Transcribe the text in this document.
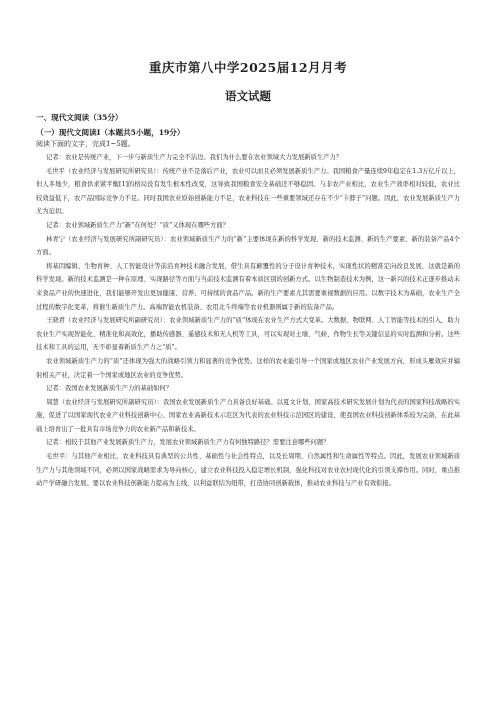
重庆市第八中学2025届12月月考
语文试题
一、现代文阅读（35分）
（一）现代文阅读Ⅰ（本题共5小题，19分）

阅读下面的文字，完成1~5题。

记者：农业是传统产业，下一步与新质生产力完全不沾边。我们为什么要在农业领域大力发展新质生产力？

毛世平（农业经济与发展研究所研究员）：传统产业不是落后产业，农业可以而且必须发展新质生产力。我国粮食产量连续9年稳定在1.3万亿斤以上，但人多地少，粮食供求紧平衡[1]的格局没有发生根本性改变，这导致我国粮食安全基础还不够稳固。与非农产业相比，农业生产效率相对较低，农业比较效益低下，农产品国际竞争力不足。同时我国农业原始创新能力不足，农业科技在一些重要领域还存在不少“卡脖子”问题。因此，农业发展新质生产力尤为迫切。

记者：农业领域新质生产力“新”在何处？“质”又体现在哪些方面？

林青宁（农业经济与发展研究所副研究员）：农业领域新质生产力的“新”主要体现在新的科学发现、新的技术监测、新的生产要素、新的装备产品4个方面。

将基因编辑、生物育种、人工智能设计等前沿育种技术融合发展，借生具有颠覆性的分子设计育种技术，实现性状的精准定向改良发展，这就是新的科学发现。新的技术监测是一种在原理、实现路径等方面与当前技术监测有着本质区别的创新方式。以生物制造技术为例，这一新兴的技术正逐步推动未来食品产业的快速进化，我们能够开发出更加健康、营养、可持续的食品产品。新的生产要素尤其需要重视数据的应用。以数字技术为基础，农业生产全过程的数字化变革，将催生新质生产力。高端智能农机装备、农用北斗终端等农业机器则属于新的装备产品。

王晓君（农业经济与发展研究所副研究员）：农业领域新质生产力的“质”体现在农业生产方式大变革。大数据、物联网、人工智能等技术的引入，助力农业生产实现智能化、精准化和高效化，播助传感器、遥感技术和无人机等工具，可以实现对土壤、气候、作物生长等关键信息的实时监测和分析。这些技术和工具的运用，无不彰显着新质生产力之“质”。

农业领域新质生产力的“质”还体现为强大的战略引领力和显著的竞争优势。这样的农业能引导一个国家或地区农业产业发展方向，形成头雁效应并辐射相关产业，决定着一个国家或地区农业的竞争优势。

记者：我国农业发展新质生产力的基础如何？

周慧（农业经济与发展研究所副研究员）：我国农业发展新质生产力具备良好基础。以夏文计划、国家高技术研究发展计划为代表的国家科技战略的实施，促进了以国家现代农业产业科技创新中心、国家农业高新技术示范区为代表的农业科技示范园区的建设，使我国农业科技创新体系较为完备，在此基础上培育出了一批具有市场竞争力的农业新产品和新技术。

记者：相较于其他产业发展新质生产力，发展农业领域新质生产力有何独特路径？需要注意哪些问题？

毛世平：与其他产业相比，农业科技具有典型的公共性、基础性与社会性特点，以及长周期、自然属性和生命属性等特点。因此，发展农业领域新质生产力与其他领域不同，必须以国家战略需求为导向核心，建立农业科技投入稳定增长机制，强化科技对农业农村现代化的引领支撑作用。同时，重点推动产学研融合发展。要以农业科技创新能力提高为主线，以利益联结为纽带，打造协同创新载体，推动农业科技与产业有效衔接。
